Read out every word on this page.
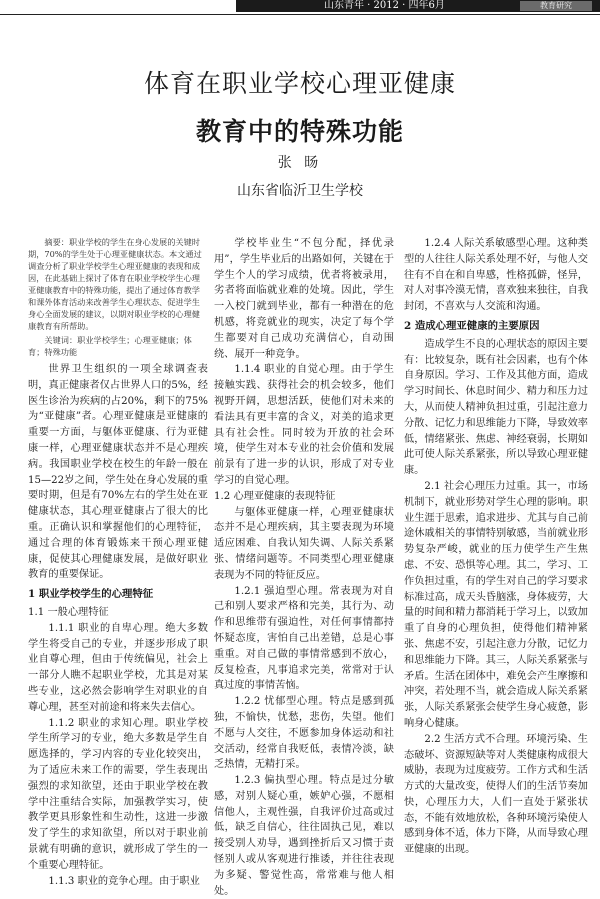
山东青年 · 2012 · 四年6月	教育研究
体育在职业学校心理亚健康
教育中的特殊功能
张 旸
山东省临沂卫生学校

摘要：职业学校的学生在身心发展的关键时期，70%的学生处于心理亚健康状态。本文通过调查分析了职业学校学生心理亚健康的表现和成因，在此基础上探讨了体育在职业学校学生心理亚健康教育中的特殊功能，提出了通过体育教学和课外体育活动来改善学生心理状态、促进学生身心全面发展的建议，以期对职业学校的心理健康教育有所帮助。

关键词：职业学校学生；心理亚健康；体育；特殊功能

世界卫生组织的一项全球调查表明，真正健康者仅占世界人口的5%，经医生诊治为疾病的占20%，剩下的75%为“亚健康”者。心理亚健康是亚健康的重要一方面，与躯体亚健康、行为亚健康一样，心理亚健康状态并不是心理疾病。我国职业学校在校生的年龄一般在15—22岁之间，学生处在身心发展的重要时期，但是有70%左右的学生处在亚健康状态，其心理亚健康占了很大的比重。正确认识和掌握他们的心理特征，通过合理的体育锻炼来干预心理亚健康，促使其心理健康发展，是做好职业教育的重要保证。

1 职业学校学生的心理特征
1.1 一般心理特征

1.1.1 职业的自卑心理。绝大多数学生将受自己的专业，并逐步形成了职业自尊心理，但由于传统偏见，社会上一部分人瞧不起职业学校，尤其是对某些专业，这必然会影响学生对职业的自尊心理，甚至对前途和将来失去信心。

1.1.2 职业的求知心理。职业学校学生所学习的专业，绝大多数是学生自愿选择的，学习内容的专业化较突出，为了适应未来工作的需要，学生表现出强烈的求知欲望，还由于职业学校在教学中注重结合实际，加强教学实习，使教学更具形象性和生动性，这进一步激发了学生的求知欲望，所以对于职业前景就有明确的意识，就形成了学生的一个重要心理特征。

1.1.3 职业的竞争心理。由于职业

学校毕业生“不包分配，择优录用”，学生毕业后的出路如何，关键在于学生个人的学习成绩，优者将被录用，劣者将面临就业难的处境。因此，学生一入校门就到毕业，都有一种潜在的危机感，将竞就业的现实，决定了每个学生都要对自己成功充满信心，自动围绕、展开一种竞争。

1.1.4 职业的自觉心理。由于学生接触实践、获得社会的机会较多，他们视野开阔，思想活跃，使他们对未来的看法具有更丰富的含义，对美的追求更具有社会性。同时较为开放的社会环境，使学生对本专业的社会价值和发展前景有了进一步的认识，形成了对专业学习的自觉心理。

1.2 心理亚健康的表现特征

与躯体亚健康一样，心理亚健康状态并不是心理疾病，其主要表现为环境适应困难、自我认知失调、人际关系紧张、情绪问题等。不同类型心理亚健康表现为不同的特征反应。

1.2.1 强迫型心理。常表现为对自己和别人要求严格和完美，其行为、动作和思维带有强迫性，对任何事情都持怀疑态度，害怕自己出差错，总是心事重重。对自己做的事情常感到不放心，反复检查，凡事追求完美，常常对于认真过度的事情苦恼。

1.2.2 忧郁型心理。特点是感到孤独，不愉快，忧愁，悲伤，失望。他们不愿与人交往，不愿参加身体运动和社交活动，经常自我贬低，表情冷淡，缺乏热情，无精打采。

1.2.3 偏执型心理。特点是过分敏感，对别人疑心重，嫉妒心强，不愿相信他人，主观性强，自我评价过高或过低，缺乏自信心，往往固执己见，难以接受别人劝导，遇到挫折后又习惯于责怪别人或从客观进行推诿，并往往表现为多疑、警觉性高，常常难与他人相处。

1.2.4 人际关系敏感型心理。这种类型的人往往人际关系处理不好，与他人交往有不自在和自卑感，性格孤僻，怪异，对人对事冷漠无情，喜欢独来独往，自我封闭，不喜欢与人交流和沟通。

2 造成心理亚健康的主要原因

造成学生不良的心理状态的原因主要有：比较复杂，既有社会因素，也有个体自身原因。学习、工作及其他方面，造成学习时间长、休息时间少、精力和压力过大，从而使人精神负担过重，引起注意力分散、记忆力和思维能力下降，导致效率低，情绪紧张、焦虑、神经衰弱，长期如此可使人际关系紧张，所以导致心理亚健康。

2.1 社会心理压力过重。其一，市场机制下，就业形势对学生心理的影响。职业生涯于思索，追求进步、尤其与自己前途休戚相关的事情特别敏感，当前就业形势复杂严峻，就业的压力使学生产生焦虑、不安、恐惧等心理。其二，学习、工作负担过重，有的学生对自己的学习要求标准过高，成天头昏脑涨，身体疲劳，大量的时间和精力都消耗于学习上，以致加重了自身的心理负担，使得他们精神紧张、焦虑不安，引起注意力分散，记忆力和思维能力下降。其三，人际关系紧张与矛盾。生活在团体中，难免会产生摩擦和冲突，若处理不当，就会造成人际关系紧张，人际关系紧张会使学生身心疲惫，影响身心健康。

2.2 生活方式不合理。环境污染、生态破坏、资源短缺等对人类健康构成很大威胁，表现为过度疲劳。工作方式和生活方式的大量改变，使得人们的生活节奏加快，心理压力大，人们一直处于紧张状态，不能有效地放松，各种环境污染使人感到身体不适，体力下降，从而导致心理亚健康的出现。
